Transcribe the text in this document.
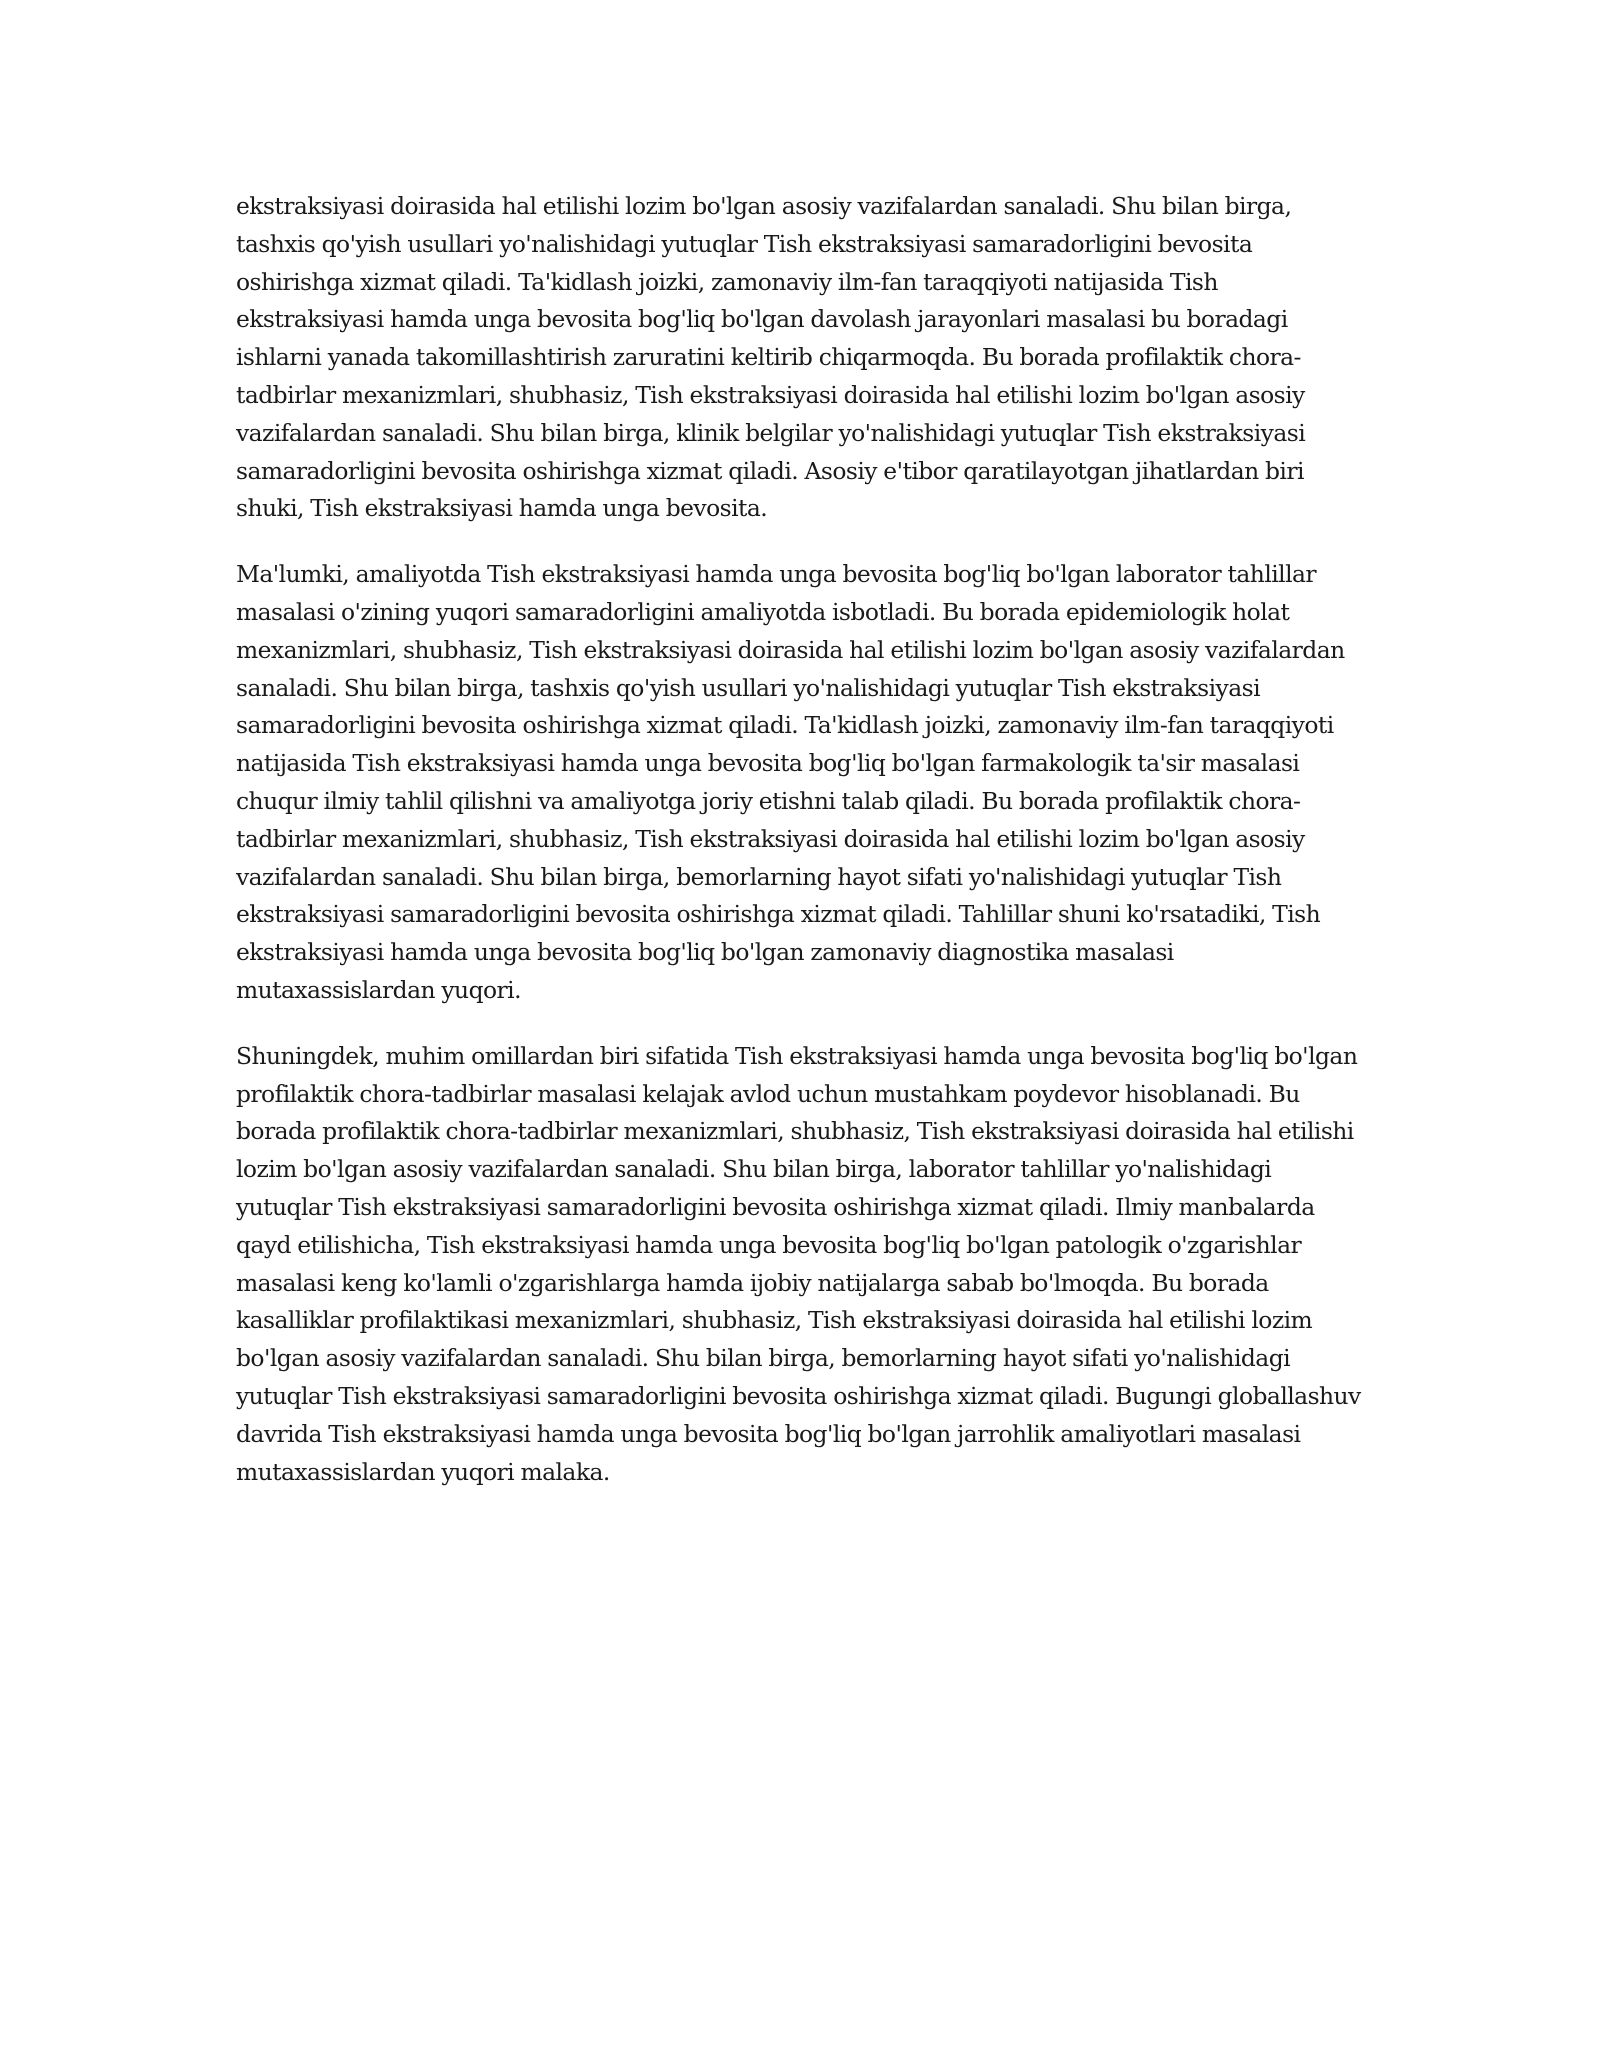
ekstraksiyasi doirasida hal etilishi lozim bo'lgan asosiy vazifalardan sanaladi. Shu bilan birga, tashxis qo'yish usullari yo'nalishidagi yutuqlar Tish ekstraksiyasi samaradorligini bevosita oshirishga xizmat qiladi. Ta'kidlash joizki, zamonaviy ilm-fan taraqqiyoti natijasida Tish ekstraksiyasi hamda unga bevosita bog'liq bo'lgan davolash jarayonlari masalasi bu boradagi ishlarni yanada takomillashtirish zaruratini keltirib chiqarmoqda. Bu borada profilaktik chora-tadbirlar mexanizmlari, shubhasiz, Tish ekstraksiyasi doirasida hal etilishi lozim bo'lgan asosiy vazifalardan sanaladi. Shu bilan birga, klinik belgilar yo'nalishidagi yutuqlar Tish ekstraksiyasi samaradorligini bevosita oshirishga xizmat qiladi. Asosiy e'tibor qaratilayotgan jihatlardan biri shuki, Tish ekstraksiyasi hamda unga bevosita.

Ma'lumki, amaliyotda Tish ekstraksiyasi hamda unga bevosita bog'liq bo'lgan laborator tahlillar masalasi o'zining yuqori samaradorligini amaliyotda isbotladi. Bu borada epidemiologik holat mexanizmlari, shubhasiz, Tish ekstraksiyasi doirasida hal etilishi lozim bo'lgan asosiy vazifalardan sanaladi. Shu bilan birga, tashxis qo'yish usullari yo'nalishidagi yutuqlar Tish ekstraksiyasi samaradorligini bevosita oshirishga xizmat qiladi. Ta'kidlash joizki, zamonaviy ilm-fan taraqqiyoti natijasida Tish ekstraksiyasi hamda unga bevosita bog'liq bo'lgan farmakologik ta'sir masalasi chuqur ilmiy tahlil qilishni va amaliyotga joriy etishni talab qiladi. Bu borada profilaktik chora-tadbirlar mexanizmlari, shubhasiz, Tish ekstraksiyasi doirasida hal etilishi lozim bo'lgan asosiy vazifalardan sanaladi. Shu bilan birga, bemorlarning hayot sifati yo'nalishidagi yutuqlar Tish ekstraksiyasi samaradorligini bevosita oshirishga xizmat qiladi. Tahlillar shuni ko'rsatadiki, Tish ekstraksiyasi hamda unga bevosita bog'liq bo'lgan zamonaviy diagnostika masalasi mutaxassislardan yuqori.

Shuningdek, muhim omillardan biri sifatida Tish ekstraksiyasi hamda unga bevosita bog'liq bo'lgan profilaktik chora-tadbirlar masalasi kelajak avlod uchun mustahkam poydevor hisoblanadi. Bu borada profilaktik chora-tadbirlar mexanizmlari, shubhasiz, Tish ekstraksiyasi doirasida hal etilishi lozim bo'lgan asosiy vazifalardan sanaladi. Shu bilan birga, laborator tahlillar yo'nalishidagi yutuqlar Tish ekstraksiyasi samaradorligini bevosita oshirishga xizmat qiladi. Ilmiy manbalarda qayd etilishicha, Tish ekstraksiyasi hamda unga bevosita bog'liq bo'lgan patologik o'zgarishlar masalasi keng ko'lamli o'zgarishlarga hamda ijobiy natijalarga sabab bo'lmoqda. Bu borada kasalliklar profilaktikasi mexanizmlari, shubhasiz, Tish ekstraksiyasi doirasida hal etilishi lozim bo'lgan asosiy vazifalardan sanaladi. Shu bilan birga, bemorlarning hayot sifati yo'nalishidagi yutuqlar Tish ekstraksiyasi samaradorligini bevosita oshirishga xizmat qiladi. Bugungi globallashuv davrida Tish ekstraksiyasi hamda unga bevosita bog'liq bo'lgan jarrohlik amaliyotlari masalasi mutaxassislardan yuqori malaka.
